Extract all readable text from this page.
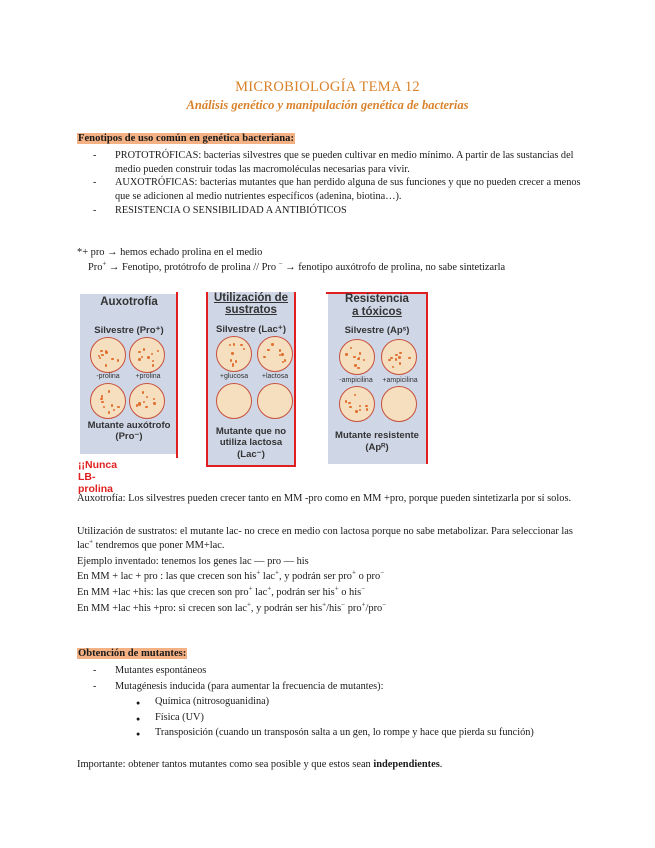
MICROBIOLOGÍA TEMA 12
Análisis genético y manipulación genética de bacterias
Fenotipos de uso común en genética bacteriana:
- PROTOTRÓFICAS: bacterias silvestres que se pueden cultivar en medio mínimo. A partir de las sustancias del medio pueden construir todas las macromoléculas necesarias para vivir.
- AUXOTRÓFICAS: bacterias mutantes que han perdido alguna de sus funciones y que no pueden crecer a menos que se adicionen al medio nutrientes específicos (adenina, biotina…).
- RESISTENCIA O SENSIBILIDAD A ANTIBIÓTICOS
*+ pro → hemos echado prolina en el medio
Pro+ → Fenotipo, protótrofo de prolina // Pro − → fenotipo auxótrofo de prolina, no sabe sintetizarla
Auxotrofía
Silvestre (Pro⁺)
-prolina	+prolina
Mutante auxótrofo
(Pro⁻)
¡¡Nunca LB-prolina
Utilización de
sustratos
Silvestre (Lac⁺)
+glucosa	+lactosa
Mutante que no
utiliza lactosa
(Lac⁻)
Resistencia
a tóxicos
Silvestre (Apˢ)
-ampicilina	+ampicilina
Mutante resistente
(Apᴿ)
Auxotrofía: Los silvestres pueden crecer tanto en MM -pro como en MM +pro, porque pueden sintetizarla por sí solos.
Utilización de sustratos: el mutante lac- no crece en medio con lactosa porque no sabe metabolizar. Para seleccionar las lac+ tendremos que poner MM+lac.
Ejemplo inventado: tenemos los genes lac — pro — his
En MM + lac + pro : las que crecen son his+ lac+, y podrán ser pro+ o pro−
En MM +lac +his: las que crecen son pro+ lac+, podrán ser his+ o his−
En MM +lac +his +pro: si crecen son lac+, y podrán ser his+/his− pro+/pro−
Obtención de mutantes:
- Mutantes espontáneos
- Mutagénesis inducida (para aumentar la frecuencia de mutantes):
● Química (nitrosoguanidina)
● Física (UV)
● Transposición (cuando un transposón salta a un gen, lo rompe y hace que pierda su función)
Importante: obtener tantos mutantes como sea posible y que estos sean independientes.
